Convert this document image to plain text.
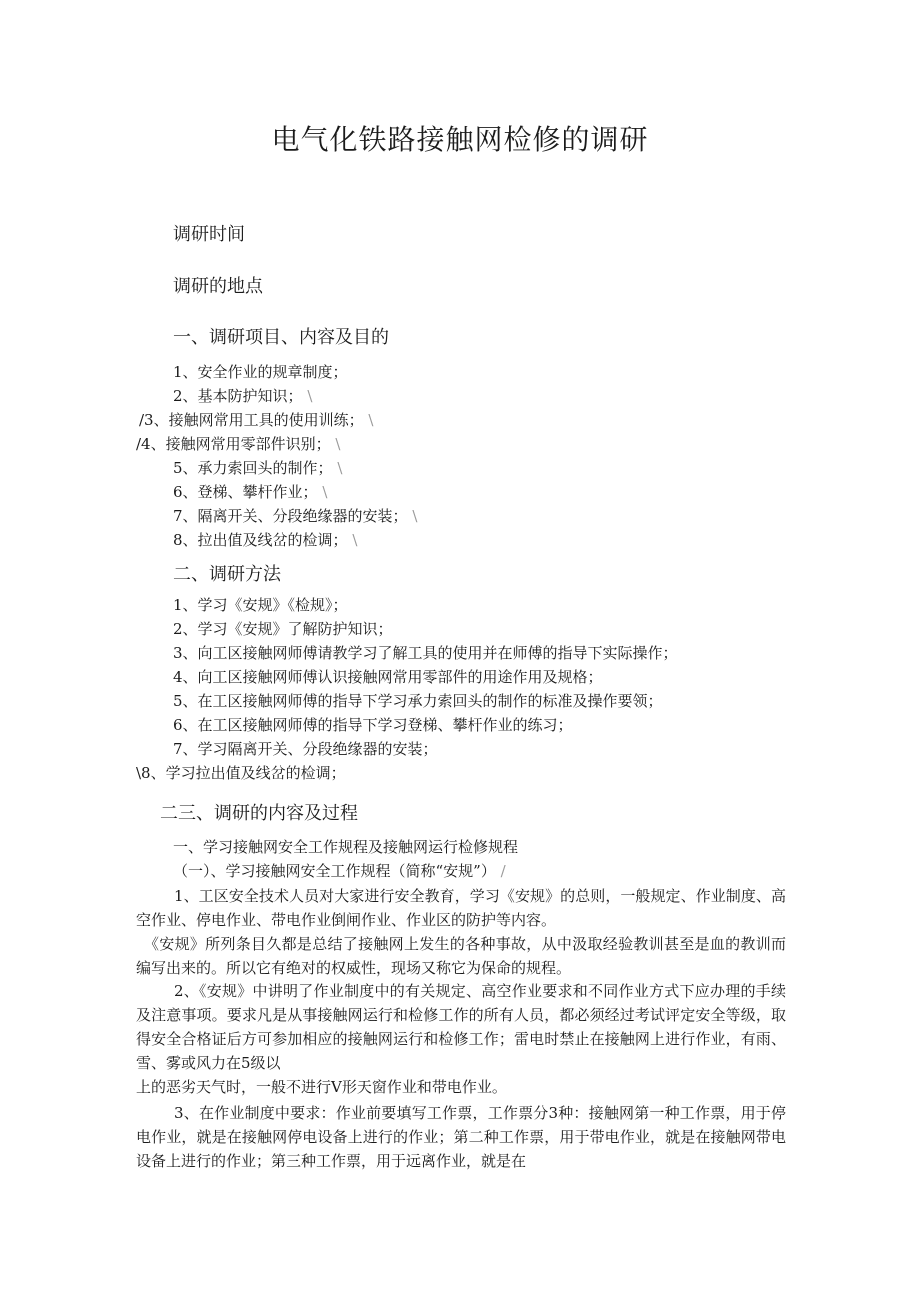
电气化铁路接触网检修的调研
调研时间
调研的地点
一、调研项目、内容及目的
1、安全作业的规章制度；
2、基本防护知识； \
/3、接触网常用工具的使用训练； \
/4、接触网常用零部件识别； \
5、承力索回头的制作； \
6、登梯、攀杆作业； \
7、隔离开关、分段绝缘器的安装； \
8、拉出值及线岔的检调； \
二、调研方法
1、学习《安规》《检规》；
2、学习《安规》了解防护知识；
3、向工区接触网师傅请教学习了解工具的使用并在师傅的指导下实际操作；
4、向工区接触网师傅认识接触网常用零部件的用途作用及规格；
5、在工区接触网师傅的指导下学习承力索回头的制作的标准及操作要领；
6、在工区接触网师傅的指导下学习登梯、攀杆作业的练习；
7、学习隔离开关、分段绝缘器的安装；
\8、学习拉出值及线岔的检调；
二三、调研的内容及过程
一、学习接触网安全工作规程及接触网运行检修规程
（一）、学习接触网安全工作规程（简称“安规”） /
1、工区安全技术人员对大家进行安全教育，学习《安规》的总则，一般规定、作业制度、高空作业、停电作业、带电作业倒闸作业、作业区的防护等内容。
《安规》所列条目久都是总结了接触网上发生的各种事故，从中汲取经验教训甚至是血的教训而编写出来的。所以它有绝对的权威性，现场又称它为保命的规程。
2、《安规》中讲明了作业制度中的有关规定、高空作业要求和不同作业方式下应办理的手续及注意事项。要求凡是从事接触网运行和检修工作的所有人员，都必须经过考试评定安全等级，取得安全合格证后方可参加相应的接触网运行和检修工作；雷电时禁止在接触网上进行作业，有雨、雪、雾或风力在5级以
上的恶劣天气时，一般不进行V形天窗作业和带电作业。
3、在作业制度中要求：作业前要填写工作票，工作票分3种：接触网第一种工作票，用于停电作业，就是在接触网停电设备上进行的作业；第二种工作票，用于带电作业，就是在接触网带电设备上进行的作业；第三种工作票，用于远离作业，就是在
